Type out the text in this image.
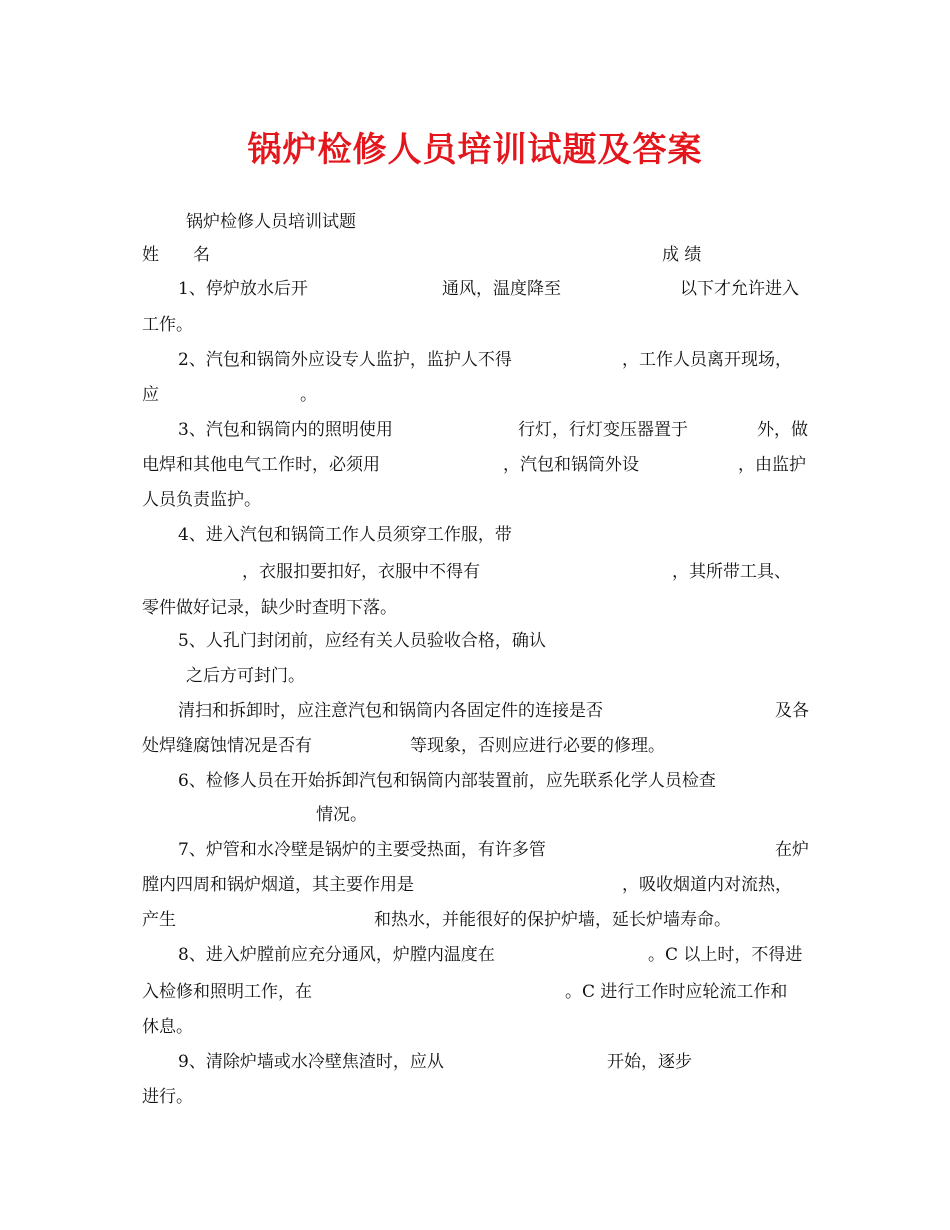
锅炉检修人员培训试题及答案
锅炉检修人员培训试题
姓　　名	成 绩
1、停炉放水后开	通风，温度降至	以下才允许进入
工作。
2、汽包和锅筒外应设专人监护，监护人不得	，工作人员离开现场，
应	。
3、汽包和锅筒内的照明使用	行灯，行灯变压器置于	外，做
电焊和其他电气工作时，必须用	，汽包和锅筒外设	，由监护
人员负责监护。
4、进入汽包和锅筒工作人员须穿工作服，带
，衣服扣要扣好，衣服中不得有	，其所带工具、
零件做好记录，缺少时查明下落。
5、人孔门封闭前，应经有关人员验收合格，确认
之后方可封门。
清扫和拆卸时，应注意汽包和锅筒内各固定件的连接是否	及各
处焊缝腐蚀情况是否有	等现象，否则应进行必要的修理。
6、检修人员在开始拆卸汽包和锅筒内部装置前，应先联系化学人员检查
情况。
7、炉管和水冷壁是锅炉的主要受热面，有许多管	在炉
膛内四周和锅炉烟道，其主要作用是	，吸收烟道内对流热，
产生	和热水，并能很好的保护炉墙，延长炉墙寿命。
8、进入炉膛前应充分通风，炉膛内温度在	。C 以上时，不得进
入检修和照明工作，在	。C 进行工作时应轮流工作和
休息。
9、清除炉墙或水冷壁焦渣时，应从	开始，逐步
进行。
